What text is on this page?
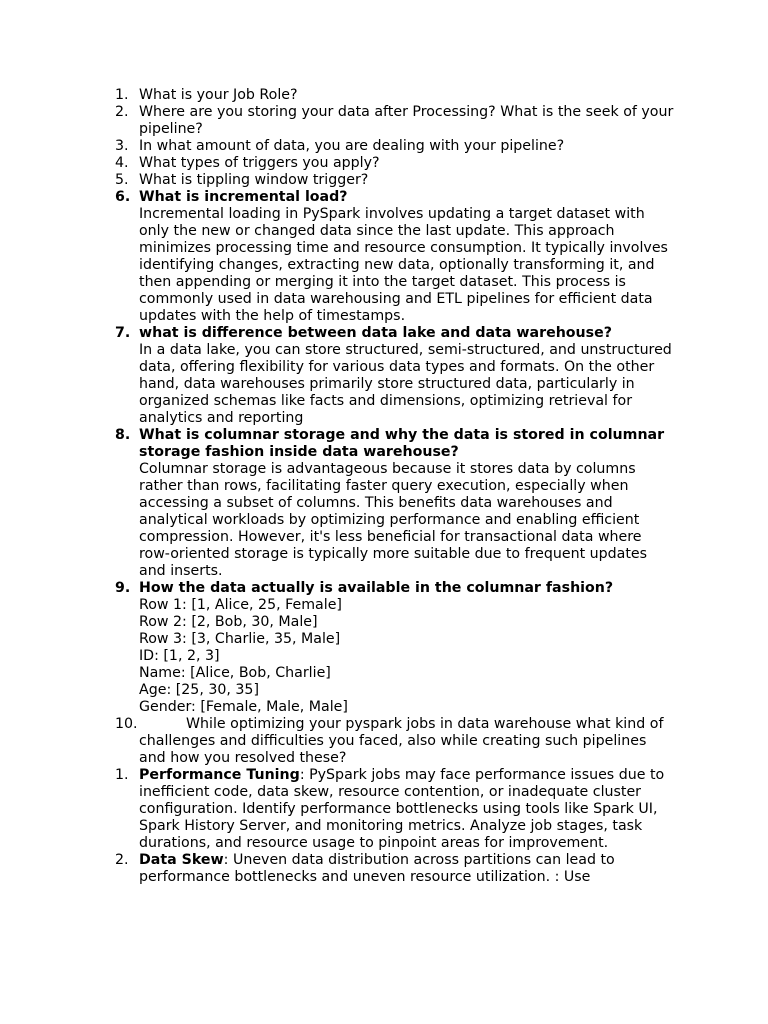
1. What is your Job Role?
2. Where are you storing your data after Processing? What is the seek of your pipeline?
3. In what amount of data, you are dealing with your pipeline?
4. What types of triggers you apply?
5. What is tippling window trigger?
6. What is incremental load?
Incremental loading in PySpark involves updating a target dataset with only the new or changed data since the last update. This approach minimizes processing time and resource consumption. It typically involves identifying changes, extracting new data, optionally transforming it, and then appending or merging it into the target dataset. This process is commonly used in data warehousing and ETL pipelines for efficient data updates with the help of timestamps.
7. what is difference between data lake and data warehouse?
In a data lake, you can store structured, semi-structured, and unstructured data, offering flexibility for various data types and formats. On the other hand, data warehouses primarily store structured data, particularly in organized schemas like facts and dimensions, optimizing retrieval for analytics and reporting
8. What is columnar storage and why the data is stored in columnar storage fashion inside data warehouse?
Columnar storage is advantageous because it stores data by columns rather than rows, facilitating faster query execution, especially when accessing a subset of columns. This benefits data warehouses and analytical workloads by optimizing performance and enabling efficient compression. However, it's less beneficial for transactional data where row-oriented storage is typically more suitable due to frequent updates and inserts.
9. How the data actually is available in the columnar fashion?
Row 1: [1, Alice, 25, Female]
Row 2: [2, Bob, 30, Male]
Row 3: [3, Charlie, 35, Male]
ID: [1, 2, 3]
Name: [Alice, Bob, Charlie]
Age: [25, 30, 35]
Gender: [Female, Male, Male]
10.	While optimizing your pyspark jobs in data warehouse what kind of challenges and difficulties you faced, also while creating such pipelines and how you resolved these?
1. Performance Tuning: PySpark jobs may face performance issues due to inefficient code, data skew, resource contention, or inadequate cluster configuration. Identify performance bottlenecks using tools like Spark UI, Spark History Server, and monitoring metrics. Analyze job stages, task durations, and resource usage to pinpoint areas for improvement.
2. Data Skew: Uneven data distribution across partitions can lead to performance bottlenecks and uneven resource utilization. : Use
